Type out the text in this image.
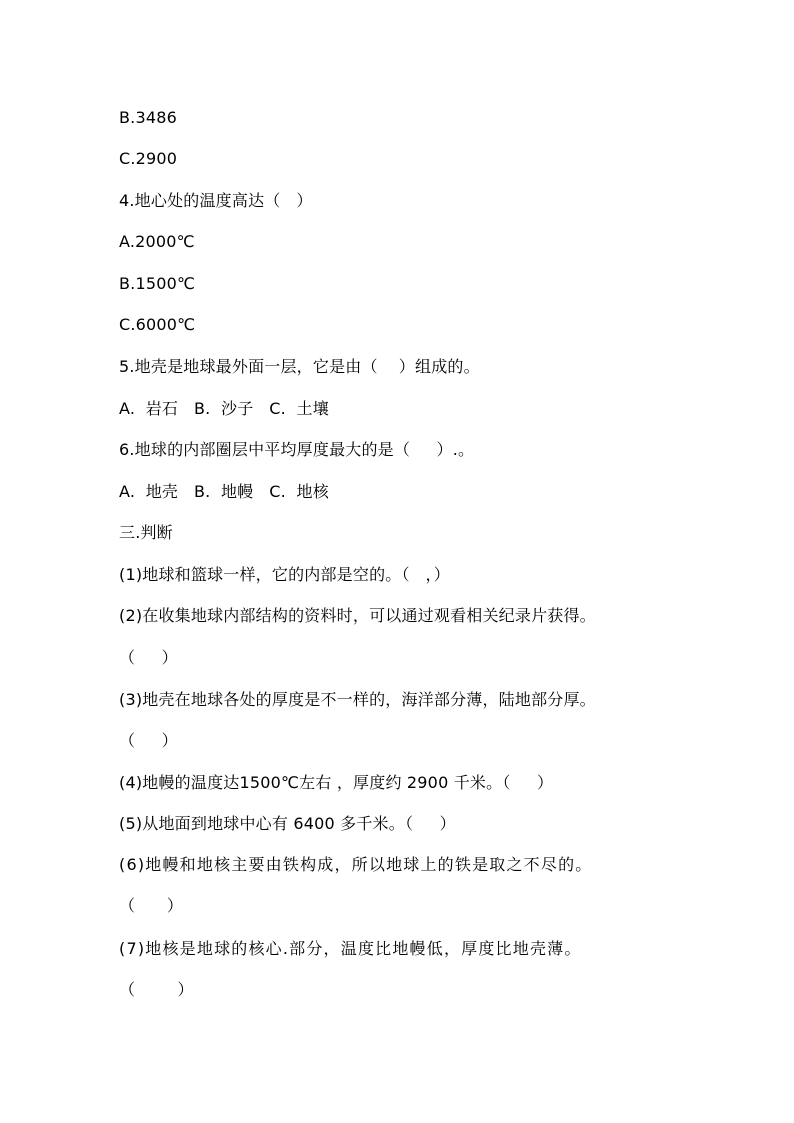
B.3486
C.2900
4.地心处的温度高达（   ）
A.2000℃
B.1500℃
C.6000℃
5.地壳是地球最外面一层，它是由（    ）组成的。
A.  岩石   B.  沙子   C.  土壤
6.地球的内部圈层中平均厚度最大的是（     ）.。
A.  地壳   B.  地幔   C.  地核
三.判断
(1)地球和篮球一样，它的内部是空的。（   ，）
(2)在收集地球内部结构的资料时，可以通过观看相关纪录片获得。
（     ）
(3)地壳在地球各处的厚度是不一样的，海洋部分薄，陆地部分厚。
（     ）
(4)地幔的温度达1500℃左右 ，厚度约 2900 千米。（     ）
(5)从地面到地球中心有 6400 多千米。（     ）
(6)地幔和地核主要由铁构成，所以地球上的铁是取之不尽的。
（      ）
(7)地核是地球的核心.部分，温度比地幔低，厚度比地壳薄。
（        ）
